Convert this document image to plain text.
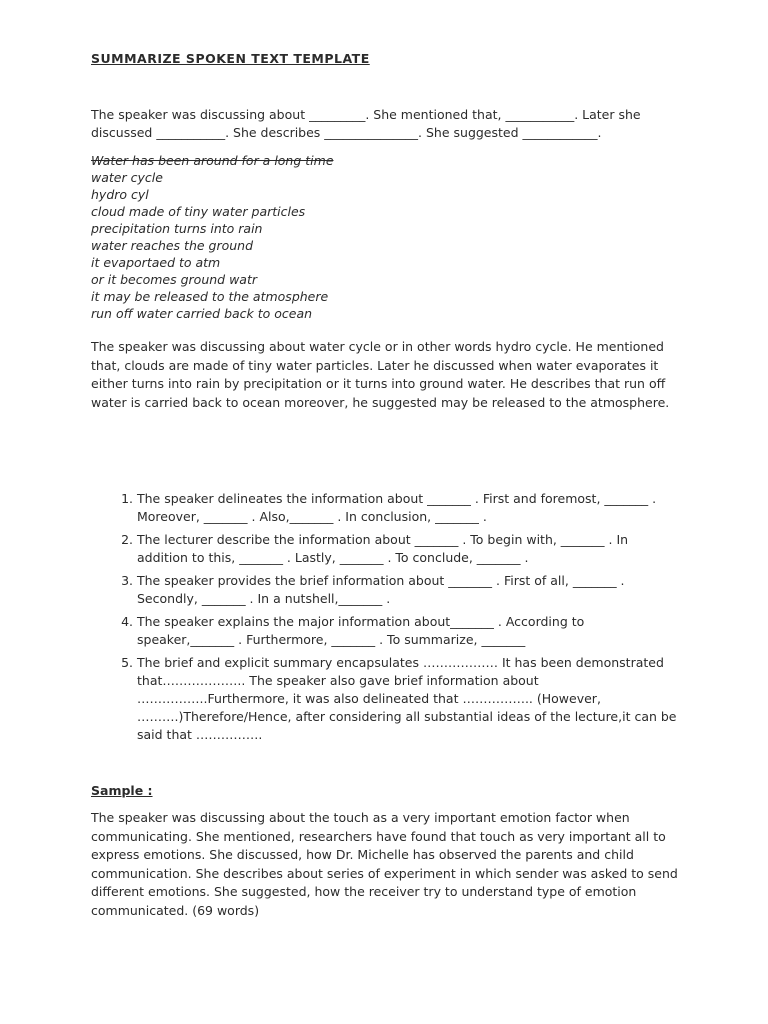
SUMMARIZE SPOKEN TEXT TEMPLATE

The speaker was discussing about _________. She mentioned that, ___________. Later she discussed ___________. She describes _______________. She suggested ____________.

Water has been around for a long time
water cycle
hydro cyl
cloud made of tiny water particles
precipitation turns into rain
water reaches the ground
it evaportaed to atm
or it becomes ground watr
it may be released to the atmosphere
run off water carried back to ocean

The speaker was discussing about water cycle or in other words hydro cycle. He mentioned that, clouds are made of tiny water particles. Later he discussed when water evaporates it either turns into rain by precipitation or it turns into ground water. He describes that run off water is carried back to ocean moreover, he suggested may be released to the atmosphere.

1. The speaker delineates the information about _______ . First and foremost, _______ . Moreover, _______ . Also,_______ . In conclusion, _______ .
2. The lecturer describe the information about _______ . To begin with, _______ . In addition to this, _______ . Lastly, _______ . To conclude, _______ .
3. The speaker provides the brief information about _______ . First of all, _______ . Secondly, _______ . In a nutshell,_______ .
4. The speaker explains the major information about_______ . According to speaker,_______ . Furthermore, _______ . To summarize, _______
5. The brief and explicit summary encapsulates ……………… It has been demonstrated that……………….. The speaker also gave brief information about ……………..Furthermore, it was also delineated that …………….. (However, ……….)Therefore/Hence, after considering all substantial ideas of the lecture,it can be said that …………….

Sample :

The speaker was discussing about the touch as a very important emotion factor when communicating. She mentioned, researchers have found that touch as very important all to express emotions. She discussed, how Dr. Michelle has observed the parents and child communication. She describes about series of experiment in which sender was asked to send different emotions. She suggested, how the receiver try to understand type of emotion communicated. (69 words)
